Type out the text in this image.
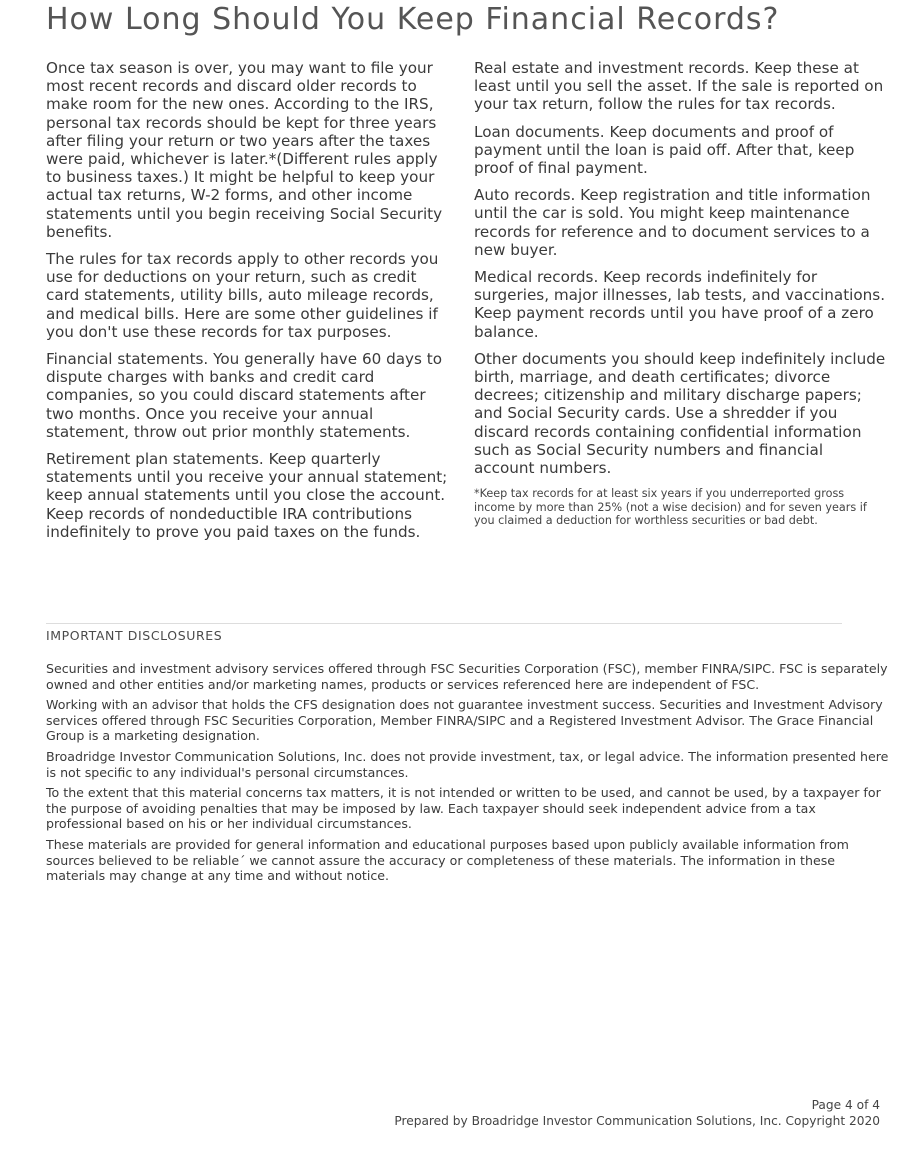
How Long Should You Keep Financial Records?

Once tax season is over, you may want to file your most recent records and discard older records to make room for the new ones. According to the IRS, personal tax records should be kept for three years after filing your return or two years after the taxes were paid, whichever is later.*(Different rules apply to business taxes.) It might be helpful to keep your actual tax returns, W-2 forms, and other income statements until you begin receiving Social Security benefits.

The rules for tax records apply to other records you use for deductions on your return, such as credit card statements, utility bills, auto mileage records, and medical bills. Here are some other guidelines if you don't use these records for tax purposes.

Financial statements. You generally have 60 days to dispute charges with banks and credit card companies, so you could discard statements after two months. Once you receive your annual statement, throw out prior monthly statements.

Retirement plan statements. Keep quarterly statements until you receive your annual statement; keep annual statements until you close the account. Keep records of nondeductible IRA contributions indefinitely to prove you paid taxes on the funds.

Real estate and investment records. Keep these at least until you sell the asset. If the sale is reported on your tax return, follow the rules for tax records.

Loan documents. Keep documents and proof of payment until the loan is paid off. After that, keep proof of final payment.

Auto records. Keep registration and title information until the car is sold. You might keep maintenance records for reference and to document services to a new buyer.

Medical records. Keep records indefinitely for surgeries, major illnesses, lab tests, and vaccinations. Keep payment records until you have proof of a zero balance.

Other documents you should keep indefinitely include birth, marriage, and death certificates; divorce decrees; citizenship and military discharge papers; and Social Security cards. Use a shredder if you discard records containing confidential information such as Social Security numbers and financial account numbers.

*Keep tax records for at least six years if you underreported gross income by more than 25% (not a wise decision) and for seven years if you claimed a deduction for worthless securities or bad debt.

IMPORTANT DISCLOSURES

Securities and investment advisory services offered through FSC Securities Corporation (FSC), member FINRA/SIPC. FSC is separately owned and other entities and/or marketing names, products or services referenced here are independent of FSC.

Working with an advisor that holds the CFS designation does not guarantee investment success. Securities and Investment Advisory services offered through FSC Securities Corporation, Member FINRA/SIPC and a Registered Investment Advisor. The Grace Financial Group is a marketing designation.

Broadridge Investor Communication Solutions, Inc. does not provide investment, tax, or legal advice. The information presented here is not specific to any individual's personal circumstances.

To the extent that this material concerns tax matters, it is not intended or written to be used, and cannot be used, by a taxpayer for the purpose of avoiding penalties that may be imposed by law. Each taxpayer should seek independent advice from a tax professional based on his or her individual circumstances.

These materials are provided for general information and educational purposes based upon publicly available information from sources believed to be reliable´ we cannot assure the accuracy or completeness of these materials. The information in these materials may change at any time and without notice.

Page 4 of 4
Prepared by Broadridge Investor Communication Solutions, Inc. Copyright 2020
